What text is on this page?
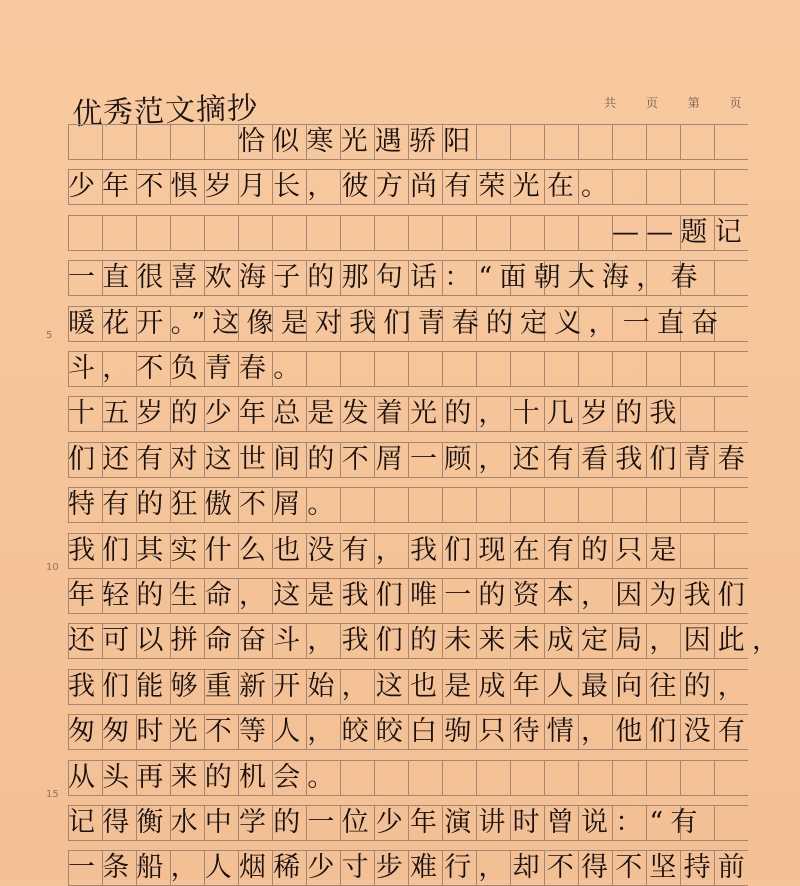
优秀范文摘抄	共 页 第 页
恰似寒光遇骄阳
少年不惧岁月长，彼方尚有荣光在。
——题记
一直很喜欢海子的那句话：“面朝大海，春
暖花开。”这像是对我们青春的定义，一直奋
斗，不负青春。
十五岁的少年总是发着光的，十几岁的我
们还有对这世间的不屑一顾，还有看我们青春
特有的狂傲不屑。
我们其实什么也没有，我们现在有的只是
年轻的生命，这是我们唯一的资本，因为我们
还可以拼命奋斗，我们的未来未成定局，因此，
我们能够重新开始，这也是成年人最向往的，
匆匆时光不等人，皎皎白驹只待情，他们没有
从头再来的机会。
记得衡水中学的一位少年演讲时曾说：“有
一条船，人烟稀少寸步难行，却不得不坚持前
5
10
15
